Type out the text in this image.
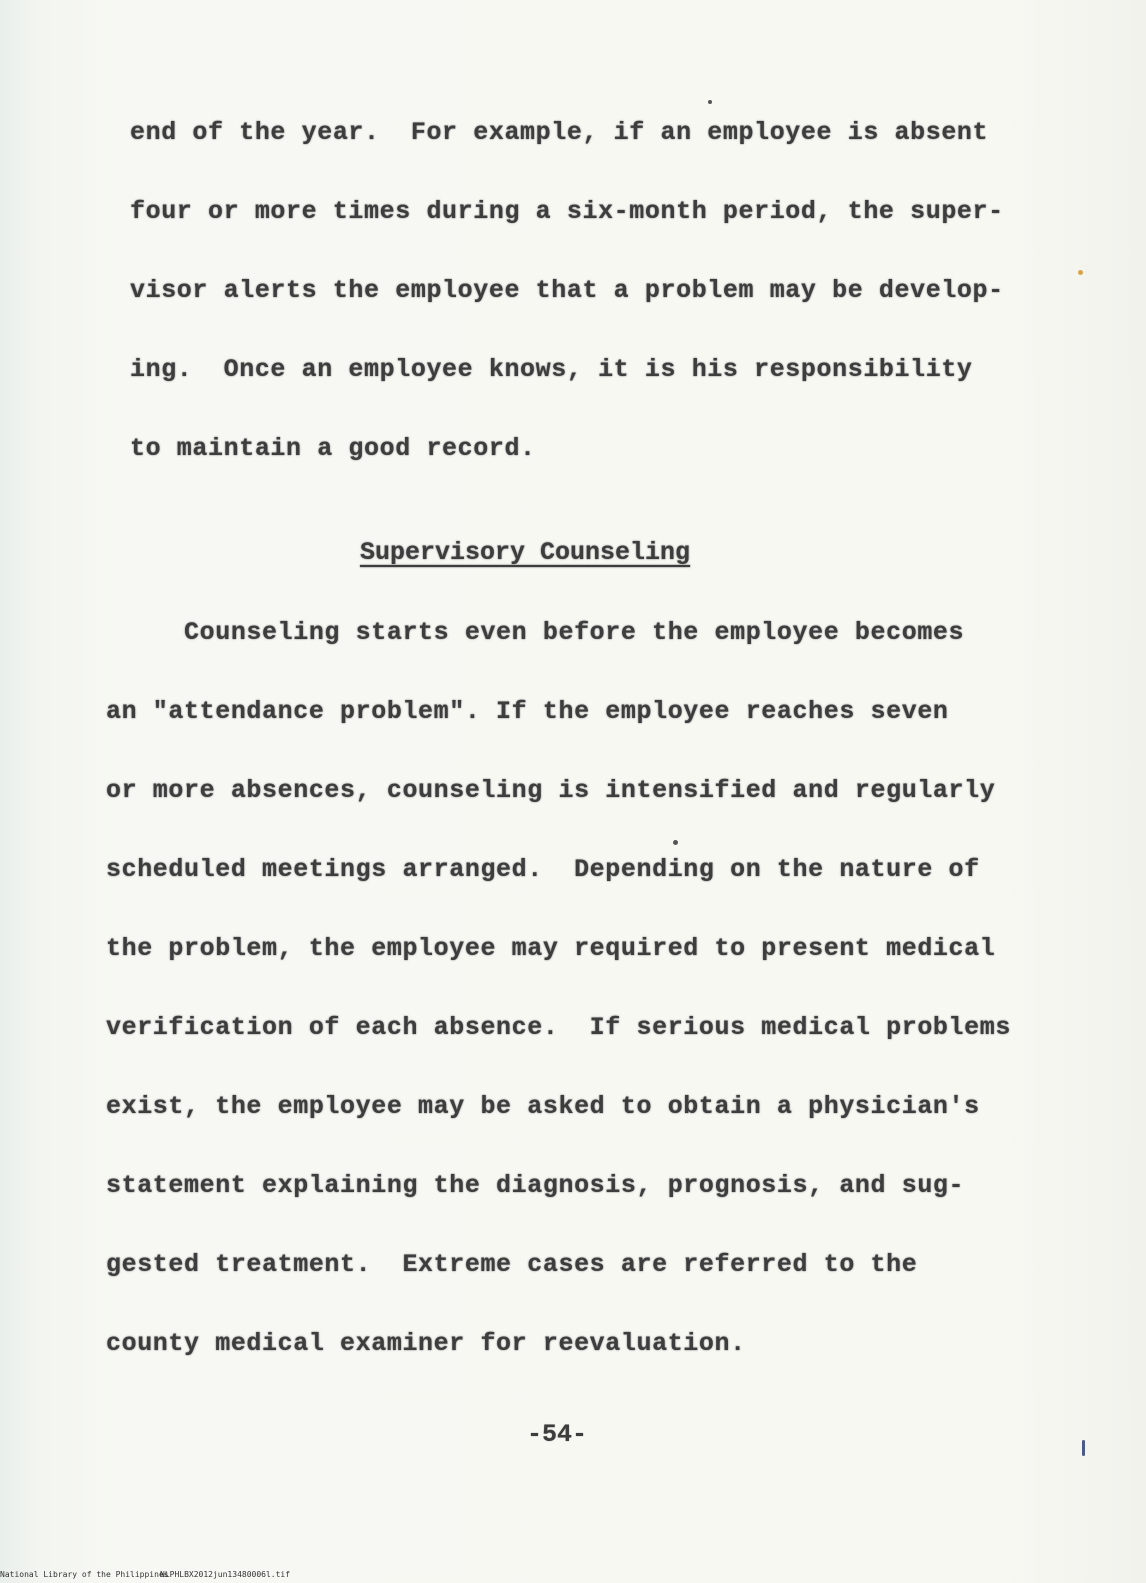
end of the year.  For example, if an employee is absent
four or more times during a six-month period, the super-
visor alerts the employee that a problem may be develop-
ing.  Once an employee knows, it is his responsibility
to maintain a good record.
Supervisory Counseling
Counseling starts even before the employee becomes
an "attendance problem". If the employee reaches seven
or more absences, counseling is intensified and regularly
scheduled meetings arranged.  Depending on the nature of
the problem, the employee may required to present medical
verification of each absence.  If serious medical problems
exist, the employee may be asked to obtain a physician's
statement explaining the diagnosis, prognosis, and sug-
gested treatment.  Extreme cases are referred to the
county medical examiner for reevaluation.
-54-
National Library of the Philippines
NLPHLBX2012jun13480006l.tif
